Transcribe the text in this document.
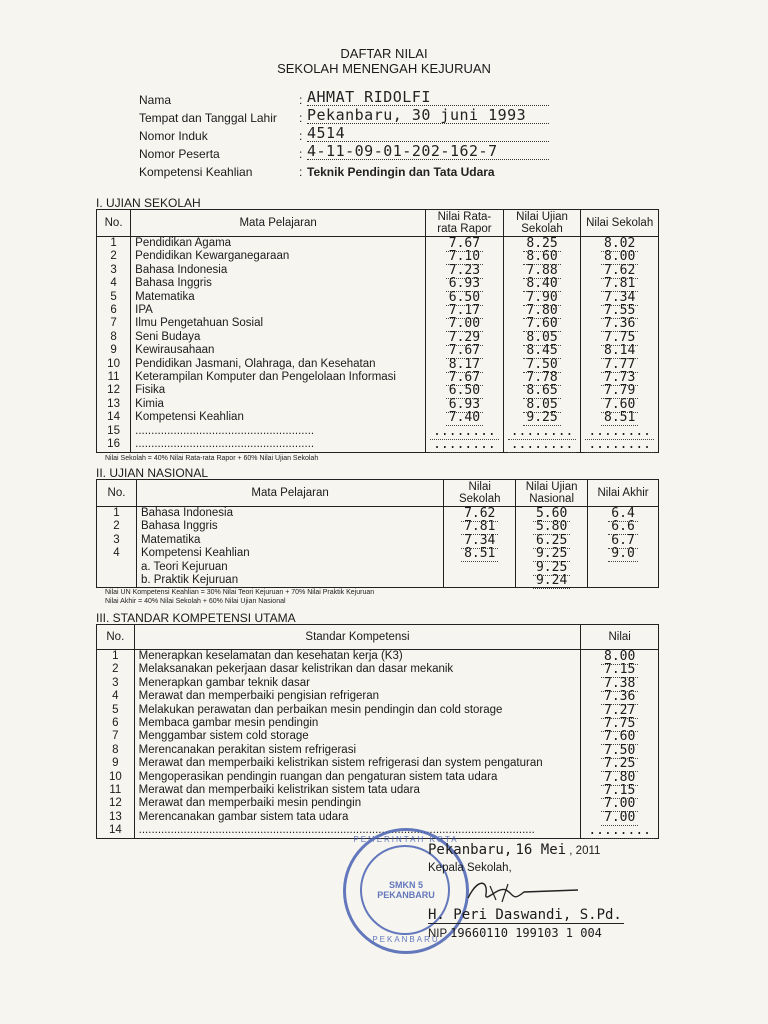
DAFTAR NILAI
SEKOLAH MENENGAH KEJURUAN
Nama	: AHMAT RIDOLFI
Tempat dan Tanggal Lahir : Pekanbaru, 30 juni 1993
Nomor Induk	: 4514
Nomor Peserta	: 4-11-09-01-202-162-7
Kompetensi Keahlian	: Teknik Pendingin dan Tata Udara
I. UJIAN SEKOLAH
No.	Mata Pelajaran	Nilai Rata-rata Rapor	Nilai Ujian Sekolah	Nilai Sekolah
1	Pendidikan Agama	7.67	8.25	8.02
2	Pendidikan Kewarganegaraan	7.10	8.60	8.00
3	Bahasa Indonesia	7.23	7.88	7.62
4	Bahasa Inggris	6.93	8.40	7.81
5	Matematika	6.50	7.90	7.34
6	IPA	7.17	7.80	7.55
7	Ilmu Pengetahuan Sosial	7.00	7.60	7.36
8	Seni Budaya	7.29	8.05	7.75
9	Kewirausahaan	7.67	8.45	8.14
10	Pendidikan Jasmani, Olahraga, dan Kesehatan	8.17	7.50	7.77
11	Keterampilan Komputer dan Pengelolaan Informasi	7.67	7.78	7.73
12	Fisika	6.50	8.65	7.79
13	Kimia	6.93	8.05	7.60
14	Kompetensi Keahlian	7.40	9.25	8.51
15	........................................................	........	........	........
16	........................................................	........	........	........
Nilai Sekolah = 40% Nilai Rata-rata Rapor + 60% Nilai Ujian Sekolah
II. UJIAN NASIONAL
No.	Mata Pelajaran	Nilai Sekolah	Nilai Ujian Nasional	Nilai Akhir
1	Bahasa Indonesia	7.62	5.60	6.4
2	Bahasa Inggris	7.81	5.80	6.6
3	Matematika	7.34	6.25	6.7
4	Kompetensi Keahlian	8.51	9.25	9.0
	a. Teori Kejuruan		9.25	
	b. Praktik Kejuruan		9.24	
Nilai UN Kompetensi Keahlian = 30% Nilai Teori Kejuruan + 70% Nilai Praktik Kejuruan
Nilai Akhir = 40% Nilai Sekolah + 60% Nilai Ujian Nasional
III. STANDAR KOMPETENSI UTAMA
No.	Standar Kompetensi	Nilai
1	Menerapkan keselamatan dan kesehatan kerja (K3)	8.00
2	Melaksanakan pekerjaan dasar kelistrikan dan dasar mekanik	7.15
3	Menerapkan gambar teknik dasar	7.38
4	Merawat dan memperbaiki pengisian refrigeran	7.36
5	Melakukan perawatan dan perbaikan mesin pendingin dan cold storage	7.27
6	Membaca gambar mesin pendingin	7.75
7	Menggambar sistem cold storage	7.60
8	Merencanakan perakitan sistem refrigerasi	7.50
9	Merawat dan memperbaiki kelistrikan sistem refrigerasi dan system pengaturan	7.25
10	Mengoperasikan pendingin ruangan dan pengaturan sistem tata udara	7.80
11	Merawat dan memperbaiki kelistrikan sistem tata udara	7.15
12	Merawat dan memperbaiki mesin pendingin	7.00
13	Merencanakan gambar sistem tata udara	7.00
14	............................................................................................................................	........
PEMERINTAH KOTA
SMKN 5 PEKANBARU
PEKANBARU
Pekanbaru, 16 Mei , 2011
Kepala Sekolah,
H. Peri Daswandi, S.Pd.
NIP 19660110 199103 1 004
